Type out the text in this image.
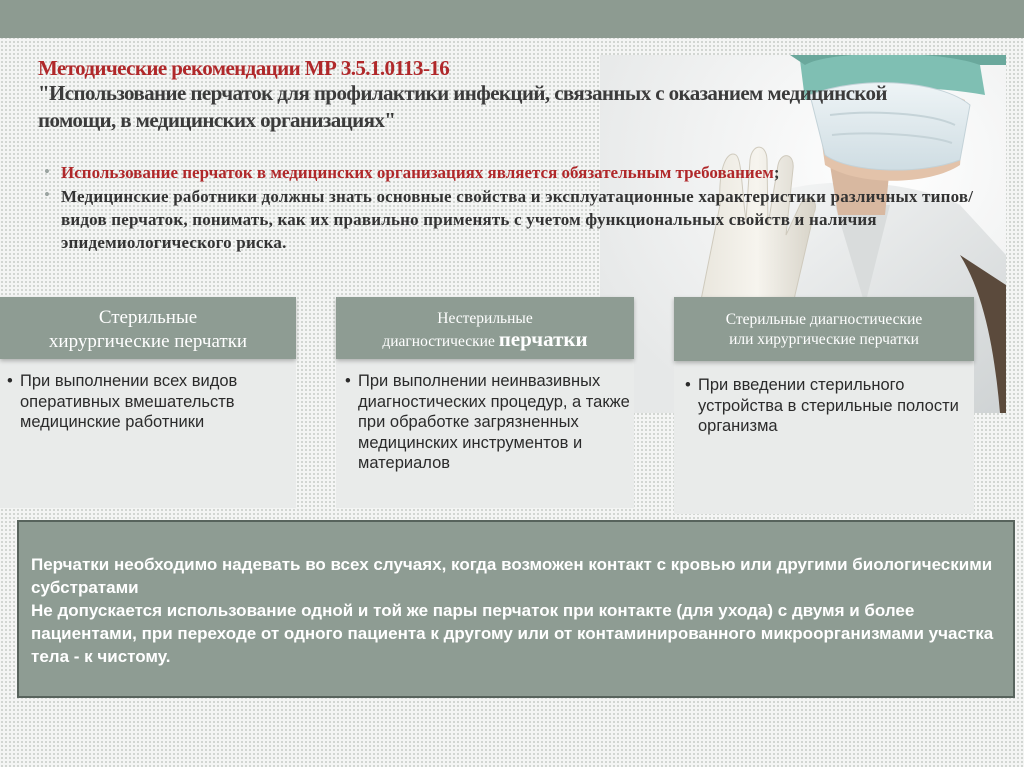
Методические рекомендации МР 3.5.1.0113-16
"Использование перчаток для профилактики инфекций, связанных с оказанием медицинской помощи, в медицинских организациях"
• Использование перчаток в медицинских организациях является обязательным требованием;
• Медицинские работники должны знать основные свойства и эксплуатационные характеристики различных типов/видов перчаток, понимать, как их правильно применять с учетом функциональных свойств и наличия эпидемиологического риска.
Стерильные
хирургические перчатки
• При выполнении всех видов оперативных вмешательств медицинские работники
Нестерильные
диагностические перчатки
• При выполнении неинвазивных диагностических процедур, а также при обработке загрязненных медицинских инструментов и материалов
Стерильные диагностические
или хирургические перчатки
• При введении стерильного устройства в стерильные полости организма
Перчатки необходимо надевать во всех случаях, когда возможен контакт с кровью или другими биологическими субстратами
Не допускается использование одной и той же пары перчаток при контакте (для ухода) с двумя и более пациентами, при переходе от одного пациента к другому или от контаминированного микроорганизмами участка тела - к чистому.
